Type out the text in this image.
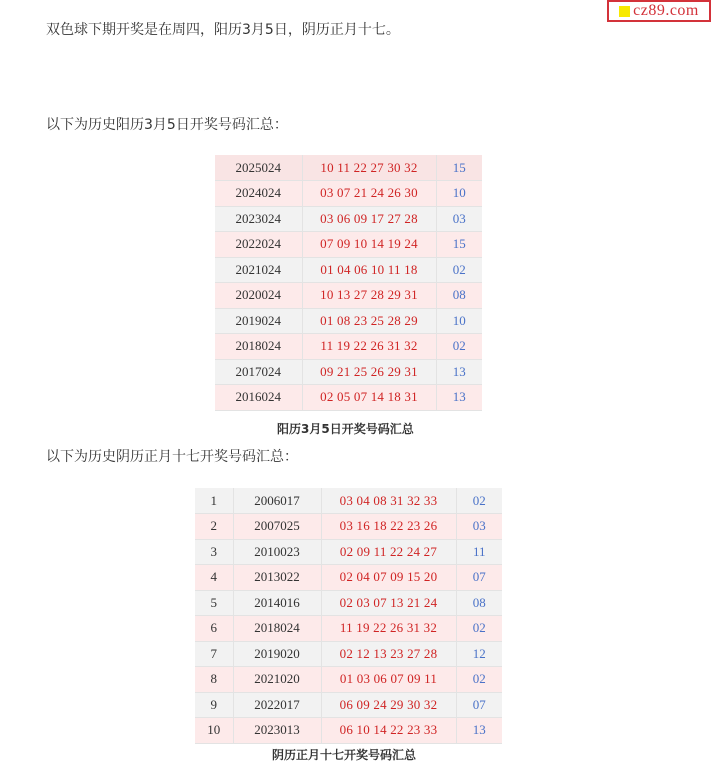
cz89.com

双色球下期开奖是在周四，阳历3月5日，阴历正月十七。

以下为历史阳历3月5日开奖号码汇总：

2025024	10 11 22 27 30 32	15
2024024	03 07 21 24 26 30	10
2023024	03 06 09 17 27 28	03
2022024	07 09 10 14 19 24	15
2021024	01 04 06 10 11 18	02
2020024	10 13 27 28 29 31	08
2019024	01 08 23 25 28 29	10
2018024	11 19 22 26 31 32	02
2017024	09 21 25 26 29 31	13
2016024	02 05 07 14 18 31	13
阳历3月5日开奖号码汇总

以下为历史阴历正月十七开奖号码汇总：

1	2006017	03 04 08 31 32 33	02
2	2007025	03 16 18 22 23 26	03
3	2010023	02 09 11 22 24 27	11
4	2013022	02 04 07 09 15 20	07
5	2014016	02 03 07 13 21 24	08
6	2018024	11 19 22 26 31 32	02
7	2019020	02 12 13 23 27 28	12
8	2021020	01 03 06 07 09 11	02
9	2022017	06 09 24 29 30 32	07
10	2023013	06 10 14 22 23 33	13
阴历正月十七开奖号码汇总
